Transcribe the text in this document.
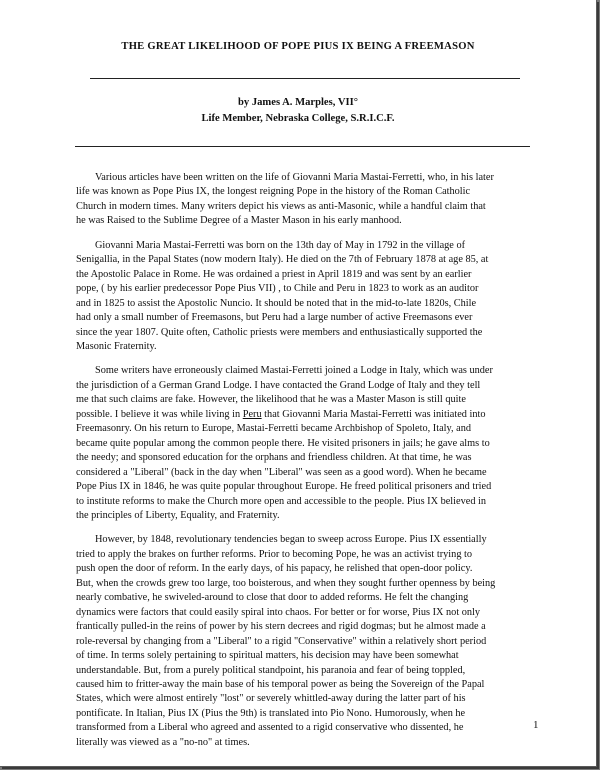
THE GREAT LIKELIHOOD OF POPE PIUS IX BEING A FREEMASON
by James A. Marples, VII°
Life Member, Nebraska College, S.R.I.C.F.
Various articles have been written on the life of Giovanni Maria Mastai-Ferretti, who, in his later
life was known as Pope Pius IX, the longest reigning Pope in the history of the Roman Catholic
Church in modern times. Many writers depict his views as anti-Masonic, while a handful claim that
he was Raised to the Sublime Degree of a Master Mason in his early manhood.
Giovanni Maria Mastai-Ferretti was born on the 13th day of May in 1792 in the village of
Senigallia, in the Papal States (now modern Italy). He died on the 7th of February 1878 at age 85, at
the Apostolic Palace in Rome. He was ordained a priest in April 1819 and was sent by an earlier
pope, ( by his earlier predecessor Pope Pius VII) , to Chile and Peru in 1823 to work as an auditor
and in 1825 to assist the Apostolic Nuncio. It should be noted that in the mid-to-late 1820s, Chile
had only a small number of Freemasons, but Peru had a large number of active Freemasons ever
since the year 1807. Quite often, Catholic priests were members and enthusiastically supported the
Masonic Fraternity.
Some writers have erroneously claimed Mastai-Ferretti joined a Lodge in Italy, which was under
the jurisdiction of a German Grand Lodge. I have contacted the Grand Lodge of Italy and they tell
me that such claims are fake. However, the likelihood that he was a Master Mason is still quite
possible. I believe it was while living in Peru that Giovanni Maria Mastai-Ferretti was initiated into
Freemasonry. On his return to Europe, Mastai-Ferretti became Archbishop of Spoleto, Italy, and
became quite popular among the common people there. He visited prisoners in jails; he gave alms to
the needy; and sponsored education for the orphans and friendless children. At that time, he was
considered a "Liberal" (back in the day when "Liberal" was seen as a good word). When he became
Pope Pius IX in 1846, he was quite popular throughout Europe. He freed political prisoners and tried
to institute reforms to make the Church more open and accessible to the people. Pius IX believed in
the principles of Liberty, Equality, and Fraternity.
However, by 1848, revolutionary tendencies began to sweep across Europe. Pius IX essentially
tried to apply the brakes on further reforms. Prior to becoming Pope, he was an activist trying to
push open the door of reform. In the early days, of his papacy, he relished that open-door policy.
But, when the crowds grew too large, too boisterous, and when they sought further openness by being
nearly combative, he swiveled-around to close that door to added reforms. He felt the changing
dynamics were factors that could easily spiral into chaos. For better or for worse, Pius IX not only
frantically pulled-in the reins of power by his stern decrees and rigid dogmas; but he almost made a
role-reversal by changing from a "Liberal" to a rigid "Conservative" within a relatively short period
of time. In terms solely pertaining to spiritual matters, his decision may have been somewhat
understandable. But, from a purely political standpoint, his paranoia and fear of being toppled,
caused him to fritter-away the main base of his temporal power as being the Sovereign of the Papal
States, which were almost entirely "lost" or severely whittled-away during the latter part of his
pontificate. In Italian, Pius IX (Pius the 9th) is translated into Pio Nono. Humorously, when he
transformed from a Liberal who agreed and assented to a rigid conservative who dissented, he
literally was viewed as a "no-no" at times.
1
